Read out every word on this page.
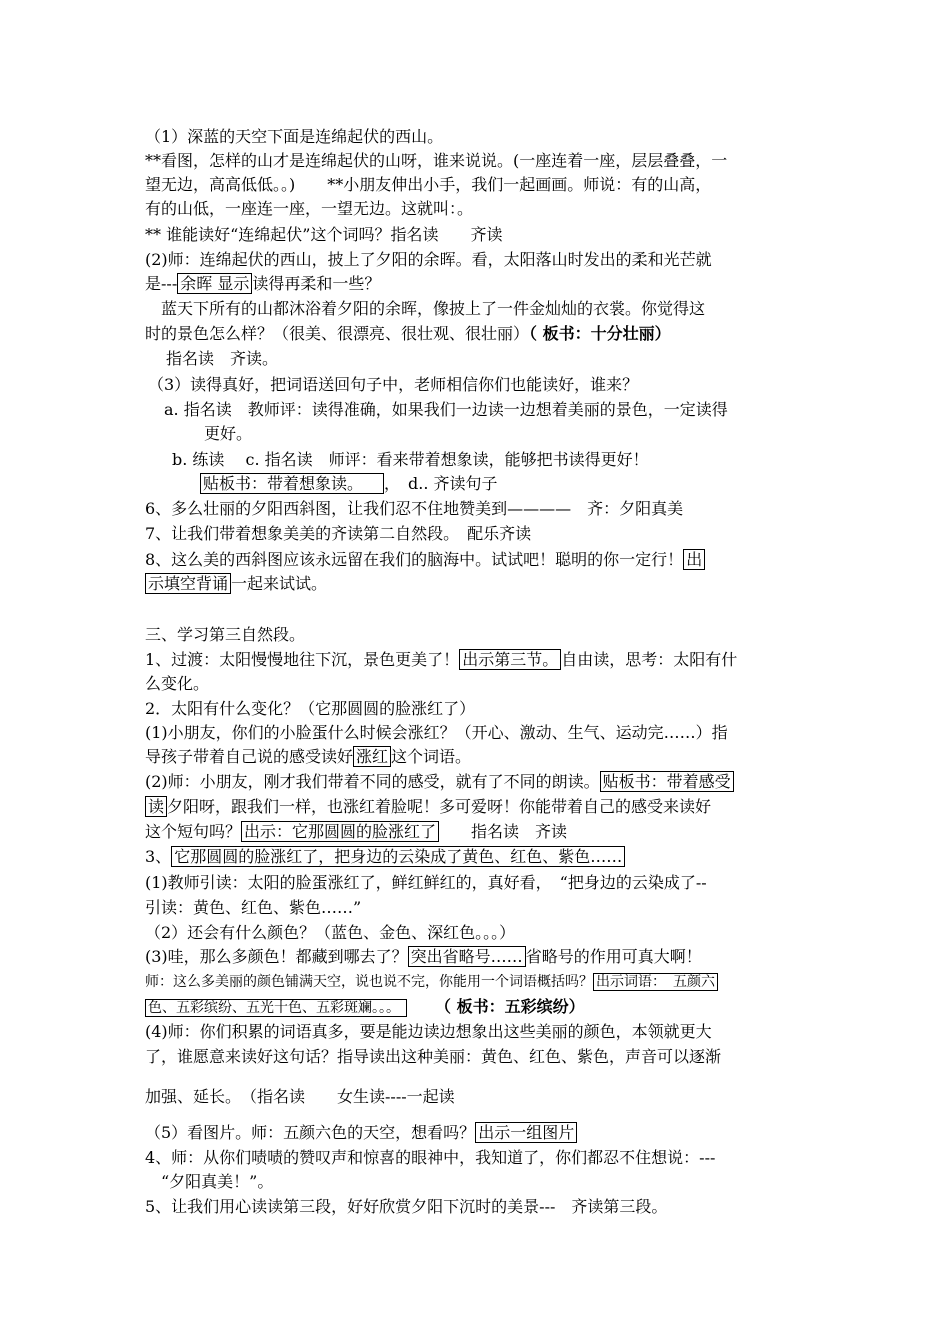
（1）深蓝的天空下面是连绵起伏的西山。
**看图，怎样的山才是连绵起伏的山呀，谁来说说。(一座连着一座，层层叠叠，一
望无边，高高低低。。)　　**小朋友伸出小手，我们一起画画。师说：有的山高，
有的山低，一座连一座，一望无边。这就叫：。
** 谁能读好“连绵起伏”这个词吗？指名读　　齐读
(2)师：连绵起伏的西山，披上了夕阳的余晖。看，太阳落山时发出的柔和光芒就
是--- 余晖 显示 读得再柔和一些？
　蓝天下所有的山都沐浴着夕阳的余晖，像披上了一件金灿灿的衣裳。你觉得这
时的景色怎么样？（很美、很漂亮、很壮观、很壮丽）（ 板书：十分壮丽）
　指名读　齐读。
（3）读得真好，把词语送回句子中，老师相信你们也能读好，谁来？
a. 指名读　教师评：读得准确，如果我们一边读一边想着美丽的景色，一定读得
更好。
b. 练读　 c. 指名读　师评：看来带着想象读，能够把书读得更好！
贴板书：带着想象读。 ，　d.. 齐读句子
6、多么壮丽的夕阳西斜图，让我们忍不住地赞美到————　齐：夕阳真美
7、让我们带着想象美美的齐读第二自然段。　配乐齐读
8、这么美的西斜图应该永远留在我们的脑海中。试试吧！聪明的你一定行！ 出
示填空背诵 一起来试试。
三、学习第三自然段。
1、过渡：太阳慢慢地往下沉，景色更美了！ 出示第三节。 自由读，思考：太阳有什
么变化。
2．太阳有什么变化？（它那圆圆的脸涨红了）
(1)小朋友，你们的小脸蛋什么时候会涨红？（开心、激动、生气、运动完……）指
导孩子带着自己说的感受读好 涨红 这个词语。
(2)师：小朋友，刚才我们带着不同的感受，就有了不同的朗读。 贴板书：带着感受
读 夕阳呀，跟我们一样，也涨红着脸呢！多可爱呀！你能带着自己的感受来读好
这个短句吗？ 出示：它那圆圆的脸涨红了　　指名读　齐读
3、 它那圆圆的脸涨红了，把身边的云染成了黄色、红色、紫色……
(1)教师引读：太阳的脸蛋涨红了，鲜红鲜红的，真好看，　“把身边的云染成了--
引读：黄色、红色、紫色……”
（2）还会有什么颜色？（蓝色、金色、深红色。。。）
(3)哇，那么多颜色！都藏到哪去了？ 突出省略号…… 省略号的作用可真大啊！
师：这么多美丽的颜色铺满天空，说也说不完，你能用一个词语概括吗？ 出示词语：　五颜六
色、五彩缤纷、五光十色、五彩斑斓。。。	（ 板书：五彩缤纷）
(4)师：你们积累的词语真多，要是能边读边想象出这些美丽的颜色，本领就更大
了，谁愿意来读好这句话？指导读出这种美丽：黄色、红色、紫色，声音可以逐渐
加强、延长。　（指名读　　女生读----一起读
（5）看图片。师：五颜六色的天空，想看吗？ 出示一组图片
4、师：从你们啧啧的赞叹声和惊喜的眼神中，我知道了，你们都忍不住想说：---
　“夕阳真美！”。
5、让我们用心读读第三段，好好欣赏夕阳下沉时的美景---　齐读第三段。
